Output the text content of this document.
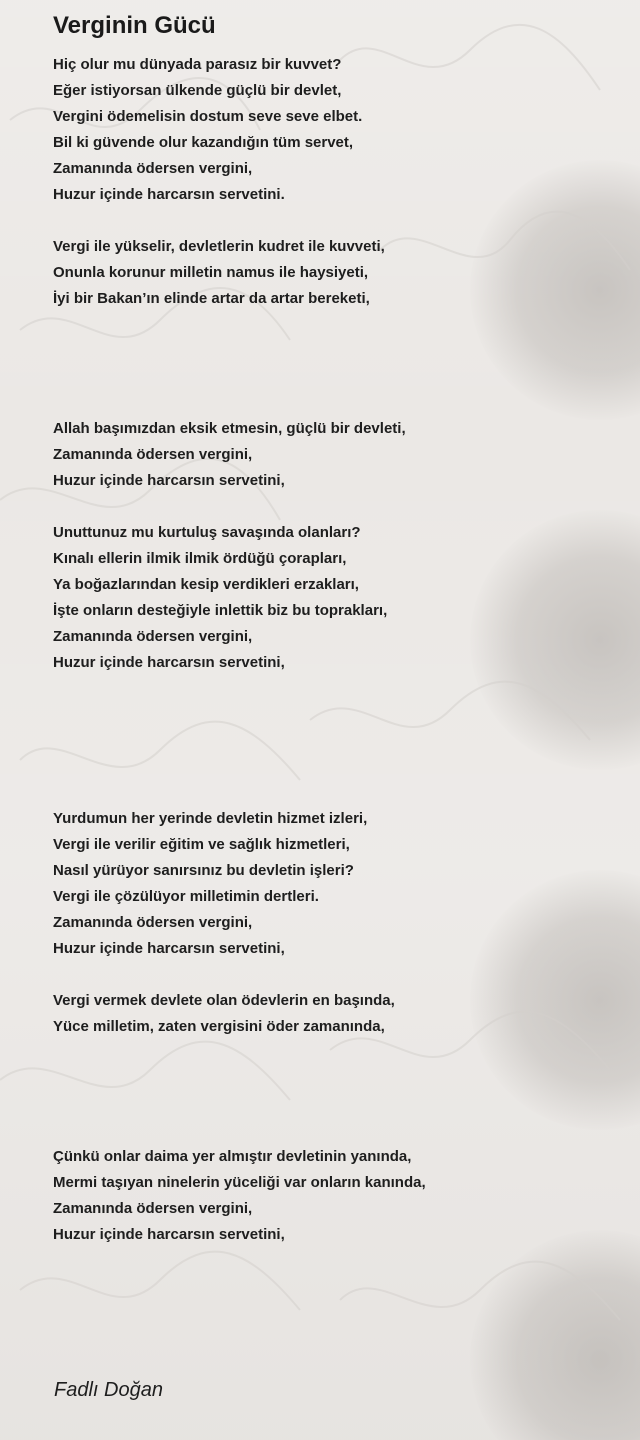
Verginin Gücü
Hiç olur mu dünyada parasız bir kuvvet?
Eğer istiyorsan ülkende güçlü bir devlet,
Vergini ödemelisin dostum seve seve elbet.
Bil ki güvende olur kazandığın tüm servet,
Zamanında ödersen vergini,
Huzur içinde harcarsın servetini.
Vergi ile yükselir, devletlerin kudret ile kuvveti,
Onunla korunur milletin namus ile haysiyeti,
İyi bir Bakan’ın elinde artar da artar bereketi,
Allah başımızdan eksik etmesin, güçlü bir devleti,
Zamanında ödersen vergini,
Huzur içinde harcarsın servetini,
Unuttunuz mu kurtuluş savaşında olanları?
Kınalı ellerin ilmik ilmik ördüğü çorapları,
Ya boğazlarından kesip verdikleri erzakları,
İşte onların desteğiyle inlettik biz bu toprakları,
Zamanında ödersen vergini,
Huzur içinde harcarsın servetini,
Yurdumun her yerinde devletin hizmet izleri,
Vergi ile verilir eğitim ve sağlık hizmetleri,
Nasıl yürüyor sanırsınız bu devletin işleri?
Vergi ile çözülüyor milletimin dertleri.
Zamanında ödersen vergini,
Huzur içinde harcarsın servetini,
Vergi vermek devlete olan ödevlerin en başında,
Yüce milletim, zaten vergisini öder zamanında,
Çünkü onlar daima yer almıştır devletinin yanında,
Mermi taşıyan ninelerin yüceliği var onların kanında,
Zamanında ödersen vergini,
Huzur içinde harcarsın servetini,
Fadlı Doğan
